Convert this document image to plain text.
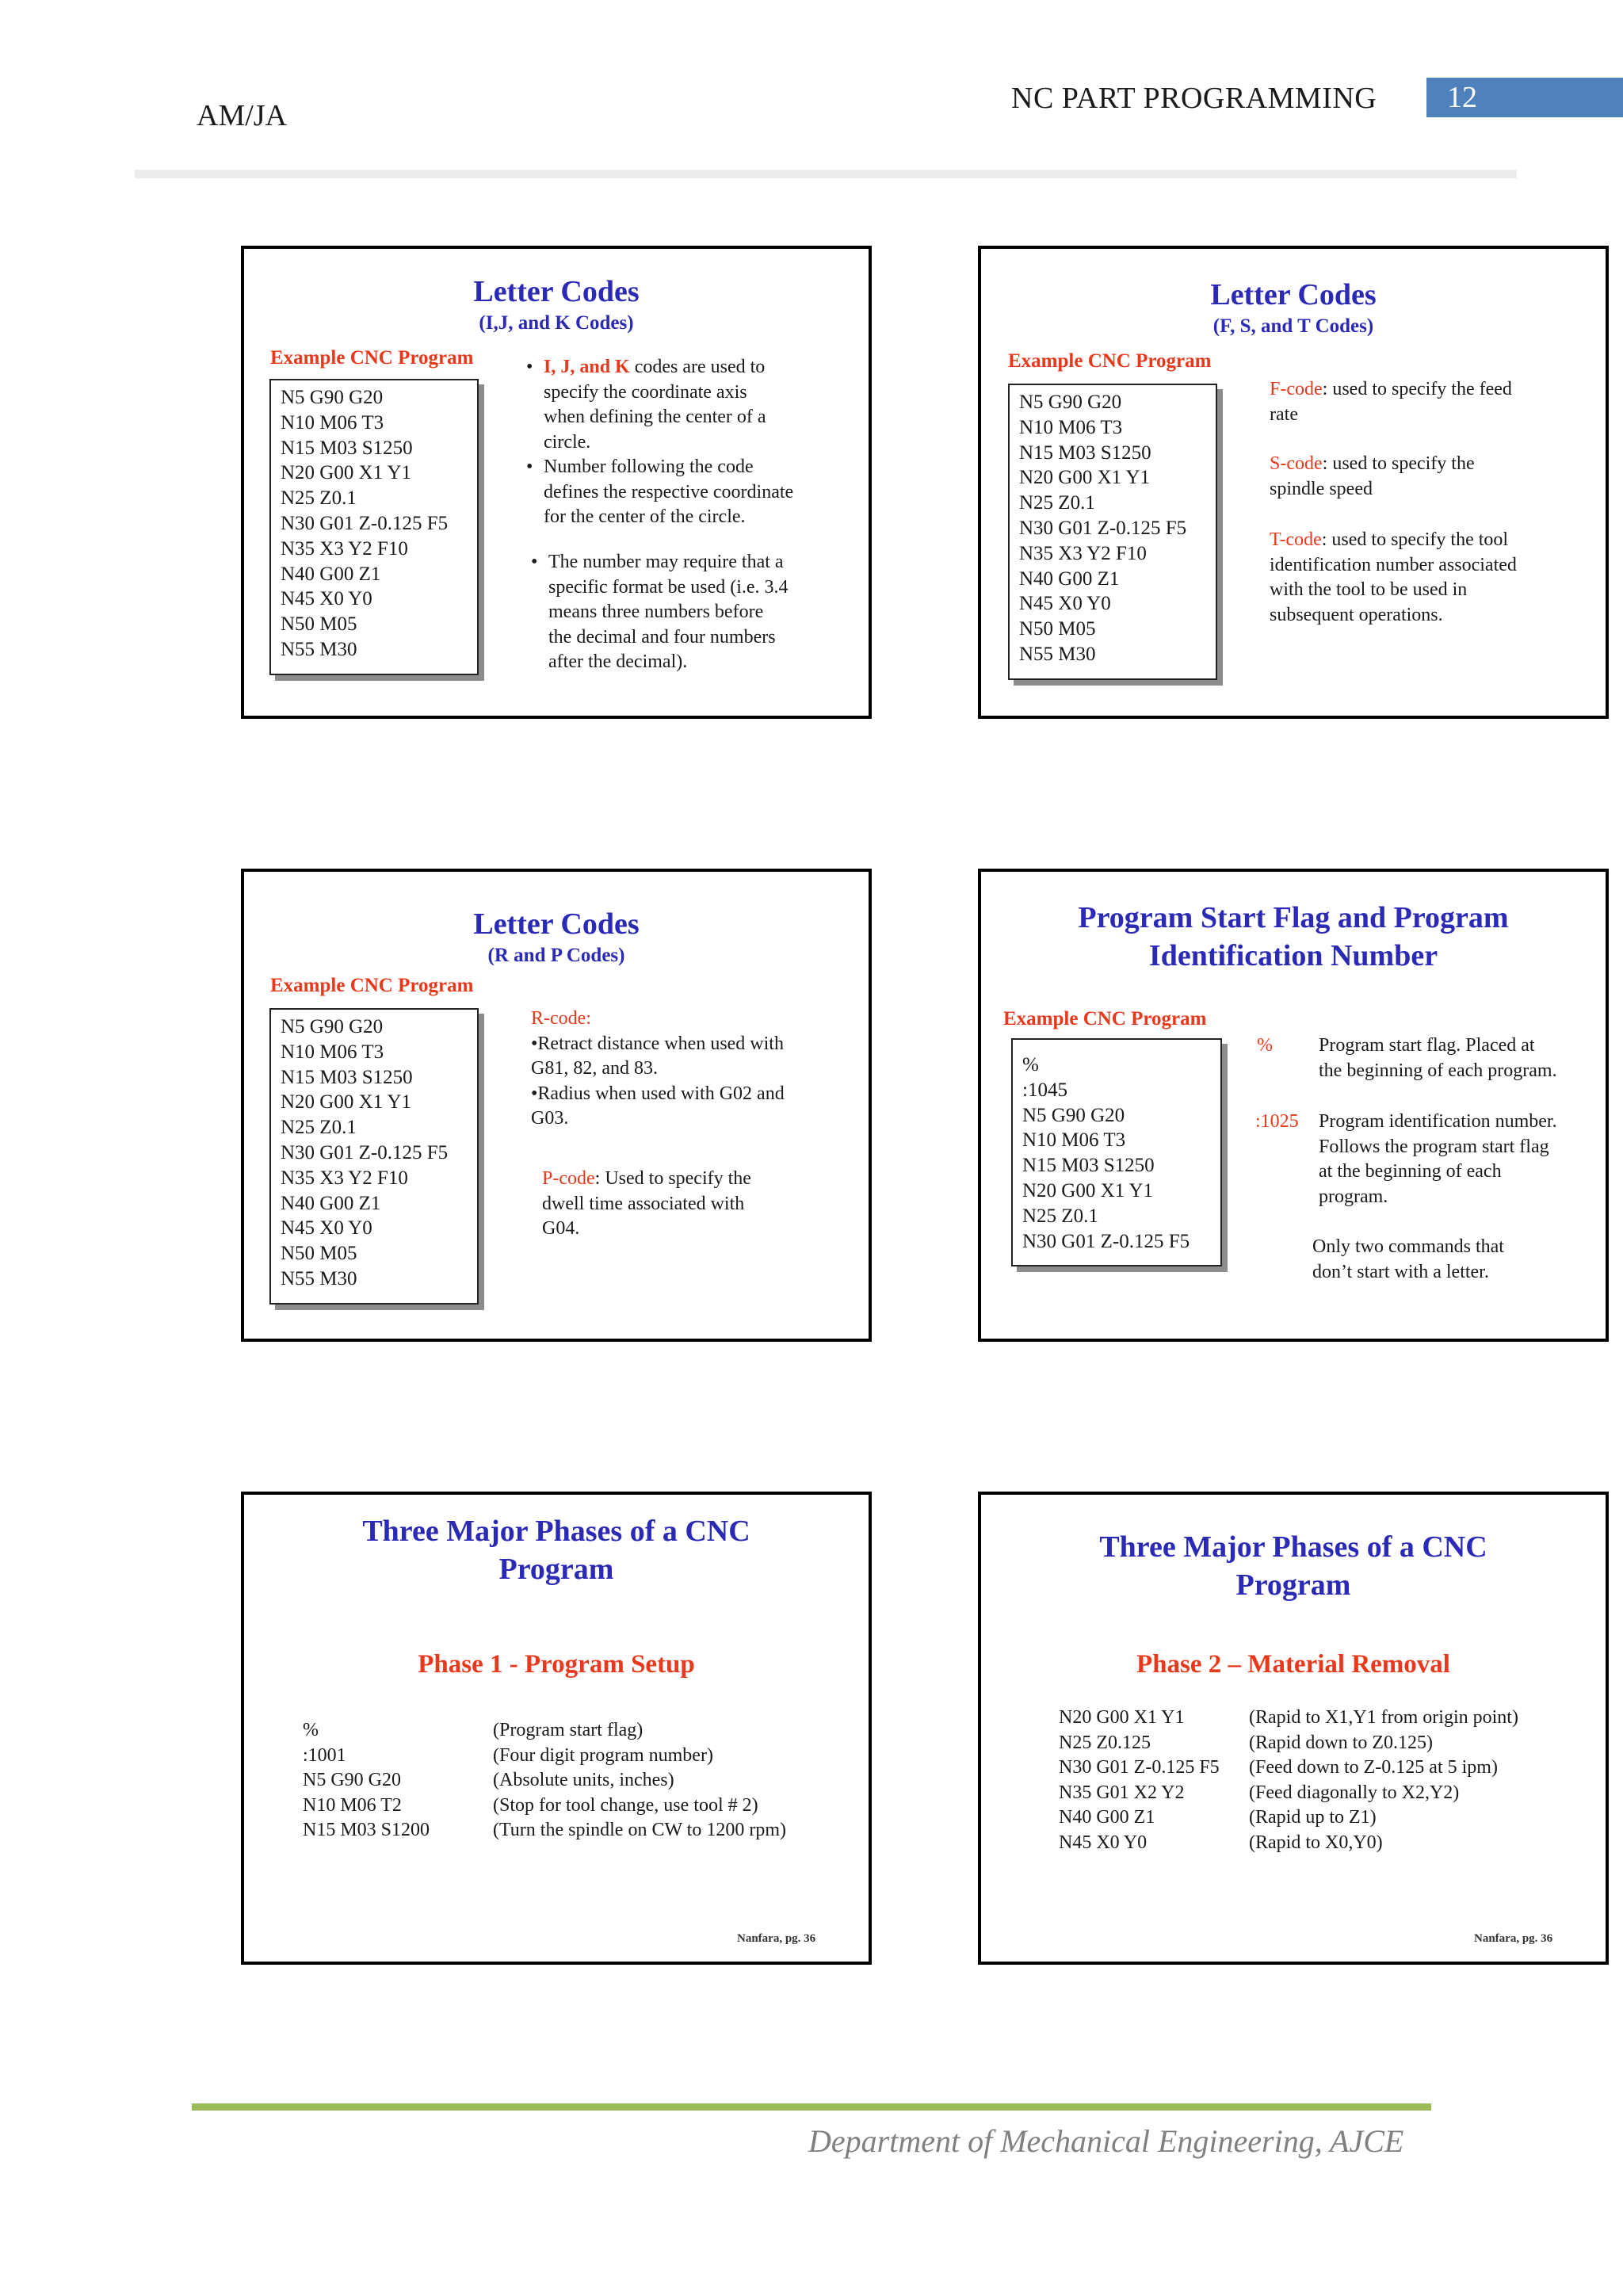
AM/JA
NC PART PROGRAMMING	12
Letter Codes
(I,J, and K Codes)
Example CNC Program
N5 G90 G20
N10 M06 T3
N15 M03 S1250
N20 G00 X1 Y1
N25 Z0.1
N30 G01 Z-0.125 F5
N35 X3 Y2 F10
N40 G00 Z1
N45 X0 Y0
N50 M05
N55 M30
• I, J, and K codes are used to
specify the coordinate axis
when defining the center of a
circle.
• Number following the code
defines the respective coordinate
for the center of the circle.
• The number may require that a
specific format be used (i.e. 3.4
means three numbers before
the decimal and four numbers
after the decimal).
Letter Codes
(F, S, and T Codes)
Example CNC Program
N5 G90 G20
N10 M06 T3
N15 M03 S1250
N20 G00 X1 Y1
N25 Z0.1
N30 G01 Z-0.125 F5
N35 X3 Y2 F10
N40 G00 Z1
N45 X0 Y0
N50 M05
N55 M30
F-code: used to specify the feed
rate
S-code: used to specify the
spindle speed
T-code: used to specify the tool
identification number associated
with the tool to be used in
subsequent operations.
Letter Codes
(R and P Codes)
Example CNC Program
N5 G90 G20
N10 M06 T3
N15 M03 S1250
N20 G00 X1 Y1
N25 Z0.1
N30 G01 Z-0.125 F5
N35 X3 Y2 F10
N40 G00 Z1
N45 X0 Y0
N50 M05
N55 M30
R-code:
•Retract distance when used with
G81, 82, and 83.
•Radius when used with G02 and
G03.
P-code: Used to specify the
dwell time associated with
G04.
Program Start Flag and Program
Identification Number
Example CNC Program
%
:1045
N5 G90 G20
N10 M06 T3
N15 M03 S1250
N20 G00 X1 Y1
N25 Z0.1
N30 G01 Z-0.125 F5
% Program start flag. Placed at
the beginning of each program.
:1025 Program identification number.
Follows the program start flag
at the beginning of each
program.
Only two commands that
don’t start with a letter.
Three Major Phases of a CNC
Program
Phase 1 - Program Setup
%
:1001
N5 G90 G20
N10 M06 T2
N15 M03 S1200
(Program start flag)
(Four digit program number)
(Absolute units, inches)
(Stop for tool change, use tool # 2)
(Turn the spindle on CW to 1200 rpm)
Nanfara, pg. 36
Three Major Phases of a CNC
Program
Phase 2 – Material Removal
N20 G00 X1 Y1
N25 Z0.125
N30 G01 Z-0.125 F5
N35 G01 X2 Y2
N40 G00 Z1
N45 X0 Y0
(Rapid to X1,Y1 from origin point)
(Rapid down to Z0.125)
(Feed down to Z-0.125 at 5 ipm)
(Feed diagonally to X2,Y2)
(Rapid up to Z1)
(Rapid to X0,Y0)
Nanfara, pg. 36
Department of Mechanical Engineering, AJCE
